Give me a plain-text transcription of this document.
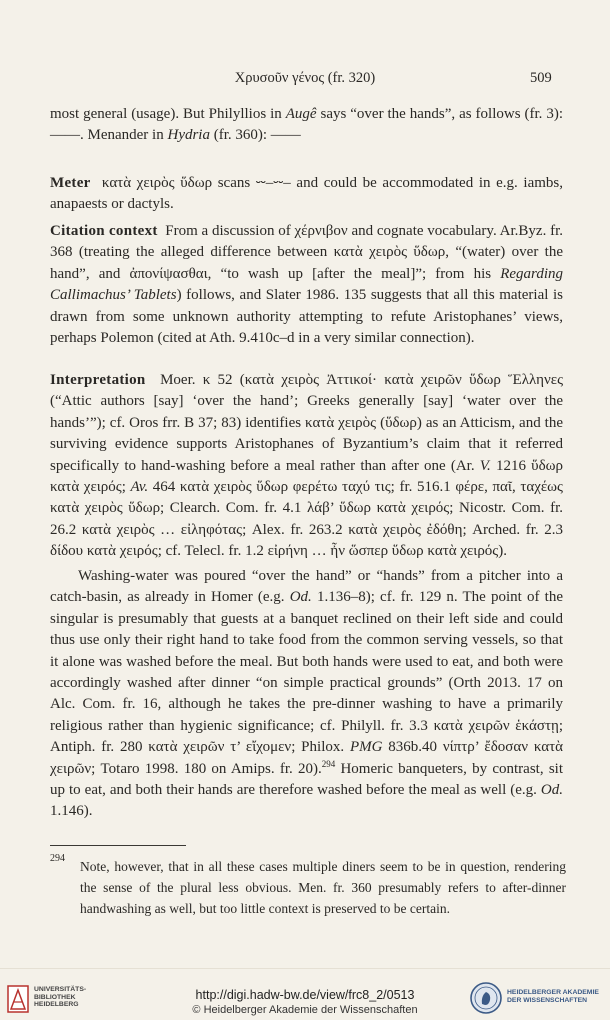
Χρυσοῦν γένος (fr. 320)	509

most general (usage). But Philyllios in Augê says “over the hands”, as follows (fr. 3): ——. Menander in Hydria (fr. 360): ——

Meter κατὰ χειρὸς ὕδωρ scans ⏑⏑–⏑⏑– and could be accommodated in e.g. iambs, anapaests or dactyls.

Citation context From a discussion of χέρνιβον and cognate vocabulary. Ar.Byz. fr. 368 (treating the alleged difference between κατὰ χειρὸς ὕδωρ, “(water) over the hand”, and ἀπονίψασθαι, “to wash up [after the meal]”; from his Regarding Callimachus’ Tablets) follows, and Slater 1986. 135 suggests that all this material is drawn from some unknown authority attempting to refute Aristophanes’ views, perhaps Polemon (cited at Ath. 9.410c–d in a very similar connection).

Interpretation Moer. κ 52 (κατὰ χειρὸς Ἀττικοί· κατὰ χειρῶν ὕδωρ Ἕλληνες (“Attic authors [say] ‘over the hand’; Greeks generally [say] ‘water over the hands’”); cf. Oros frr. B 37; 83) identifies κατὰ χειρὸς (ὕδωρ) as an Atticism, and the surviving evidence supports Aristophanes of Byzantium’s claim that it referred specifically to hand-washing before a meal rather than after one (Ar. V. 1216 ὕδωρ κατὰ χειρός; Av. 464 κατὰ χειρὸς ὕδωρ φερέτω ταχύ τις; fr. 516.1 φέρε, παῖ, ταχέως κατὰ χειρὸς ὕδωρ; Clearch. Com. fr. 4.1 λάβ’ ὕδωρ κατὰ χειρός; Nicostr. Com. fr. 26.2 κατὰ χειρὸς … εἰληφότας; Alex. fr. 263.2 κατὰ χειρὸς ἐδόθη; Arched. fr. 2.3 δίδου κατὰ χειρός; cf. Telecl. fr. 1.2 εἰρήνη … ἦν ὥσπερ ὕδωρ κατὰ χειρός).

Washing-water was poured “over the hand” or “hands” from a pitcher into a catch-basin, as already in Homer (e.g. Od. 1.136–8); cf. fr. 129 n. The point of the singular is presumably that guests at a banquet reclined on their left side and could thus use only their right hand to take food from the common serving vessels, so that it alone was washed before the meal. But both hands were used to eat, and both were accordingly washed after dinner “on simple practical grounds” (Orth 2013. 17 on Alc. Com. fr. 16, although he takes the pre-dinner washing to have a primarily religious rather than hygienic significance; cf. Philyll. fr. 3.3 κατὰ χειρῶν ἑκάστῃ; Antiph. fr. 280 κατὰ χειρῶν τ’ εἴχομεν; Philox. PMG 836b.40 νίπτρ’ ἔδοσαν κατὰ χειρῶν; Totaro 1998. 180 on Amips. fr. 20).$^{294}$ Homeric banqueters, by contrast, sit up to eat, and both their hands are therefore washed before the meal as well (e.g. Od. 1.146).

294
Note, however, that in all these cases multiple diners seem to be in question, rendering the sense of the plural less obvious. Men. fr. 360 presumably refers to after-dinner handwashing as well, but too little context is preserved to be certain.
UNIVERSITÄTS-
BIBLIOTHEK
HEIDELBERG
http://digi.hadw-bw.de/view/frc8_2/0513
© Heidelberger Akademie der Wissenschaften
HEIDELBERGER AKADEMIE
DER WISSENSCHAFTEN
